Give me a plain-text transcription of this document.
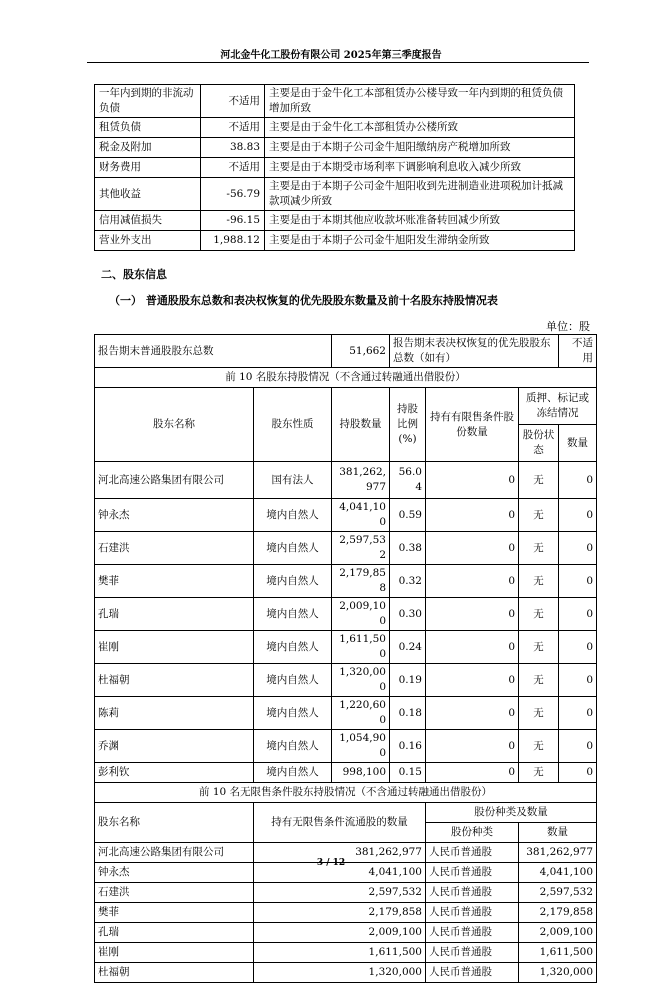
河北金牛化工股份有限公司 2025年第三季度报告
一年内到期的非流动负债	不适用	主要是由于金牛化工本部租赁办公楼导致一年内到期的租赁负债增加所致
租赁负债	不适用	主要是由于金牛化工本部租赁办公楼所致
税金及附加	38.83	主要是由于本期子公司金牛旭阳缴纳房产税增加所致
财务费用	不适用	主要是由于本期受市场利率下调影响利息收入减少所致
其他收益	-56.79	主要是由于本期子公司金牛旭阳收到先进制造业进项税加计抵减款项减少所致
信用减值损失	-96.15	主要是由于本期其他应收款坏账准备转回减少所致
营业外支出	1,988.12	主要是由于本期子公司金牛旭阳发生滞纳金所致
二、股东信息
（一） 普通股股东总数和表决权恢复的优先股股东数量及前十名股东持股情况表
单位：股
报告期末普通股股东总数		51,662	报告期末表决权恢复的优先股股东总数（如有）			不适用
前 10 名股东持股情况（不含通过转融通出借股份）						
股东名称	股东性质	持股数量	持股比例(%)	持有有限售条件股份数量	质押、标记或冻结情况	
					股份状态	数量
河北高速公路集团有限公司	国有法人	381,262,977	56.04	0	无	0
钟永杰	境内自然人	4,041,100	0.59	0	无	0
石建洪	境内自然人	2,597,532	0.38	0	无	0
樊菲	境内自然人	2,179,858	0.32	0	无	0
孔瑞	境内自然人	2,009,100	0.30	0	无	0
崔刚	境内自然人	1,611,500	0.24	0	无	0
杜福朝	境内自然人	1,320,000	0.19	0	无	0
陈莉	境内自然人	1,220,600	0.18	0	无	0
乔渊	境内自然人	1,054,900	0.16	0	无	0
彭利钦	境内自然人	998,100	0.15	0	无	0
前 10 名无限售条件股东持股情况（不含通过转融通出借股份）						
股东名称	持有无限售条件流通股的数量			股份种类及数量		
				股份种类	数量	
河北高速公路集团有限公司	381,262,977			人民币普通股	381,262,977	
钟永杰	4,041,100			人民币普通股	4,041,100	
石建洪	2,597,532			人民币普通股	2,597,532	
樊菲	2,179,858			人民币普通股	2,179,858	
孔瑞	2,009,100			人民币普通股	2,009,100	
崔刚	1,611,500			人民币普通股	1,611,500	
杜福朝	1,320,000			人民币普通股	1,320,000	
3 / 12
